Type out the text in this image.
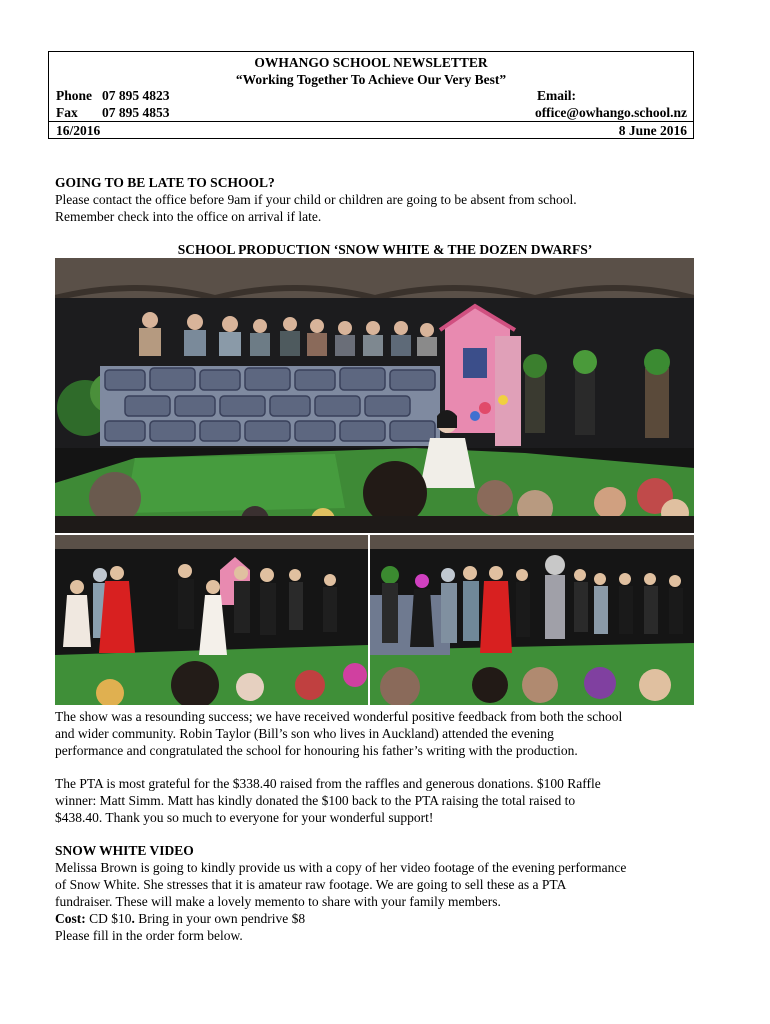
OWHANGO SCHOOL NEWSLETTER
“Working Together To Achieve Our Very Best”
Phone 07 895 4823
Fax 07 895 4853
Email:
office@owhango.school.nz
16/2016	8 June 2016
GOING TO BE LATE TO SCHOOL?
Please contact the office before 9am if your child or children are going to be absent from school.
Remember check into the office on arrival if late.
SCHOOL PRODUCTION ‘SNOW WHITE & THE DOZEN DWARFS’
The show was a resounding success; we have received wonderful positive feedback from both the school
and wider community. Robin Taylor (Bill’s son who lives in Auckland) attended the evening
performance and congratulated the school for honouring his father’s writing with the production.
The PTA is most grateful for the $338.40 raised from the raffles and generous donations. $100 Raffle
winner: Matt Simm. Matt has kindly donated the $100 back to the PTA raising the total raised to
$438.40. Thank you so much to everyone for your wonderful support!
SNOW WHITE VIDEO
Melissa Brown is going to kindly provide us with a copy of her video footage of the evening performance
of Snow White. She stresses that it is amateur raw footage. We are going to sell these as a PTA
fundraiser. These will make a lovely memento to share with your family members.
Cost: CD $10. Bring in your own pendrive $8
Please fill in the order form below.
